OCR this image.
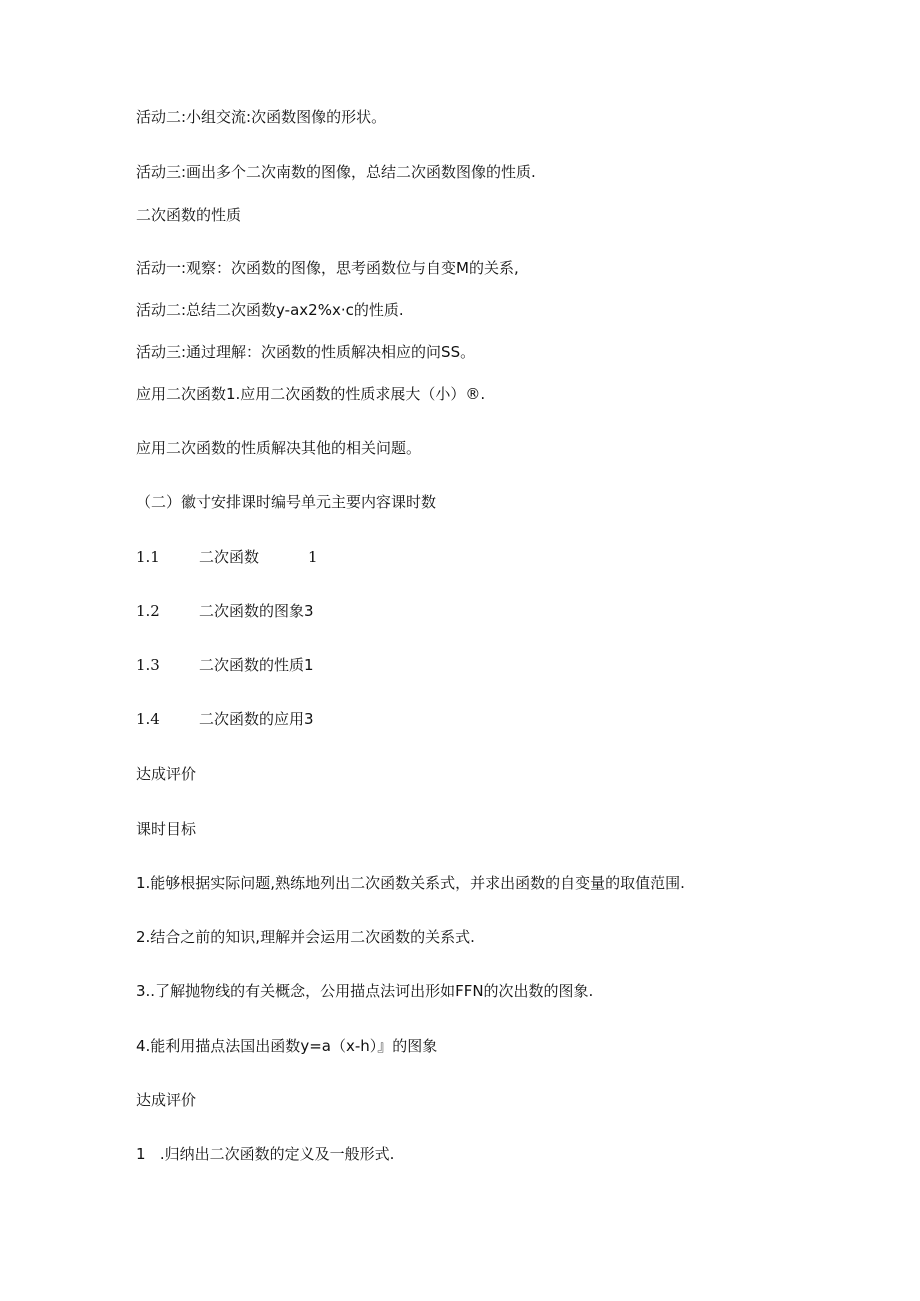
活动二:小组交流:次函数图像的形状。
活动三:画出多个二次南数的图像，总结二次函数图像的性质.
二次函数的性质
活动一:观察：次函数的图像，思考函数位与自变M的关系,
活动二:总结二次函数y-ax2%x·c的性质.
活动三:通过理解：次函数的性质解决相应的问SS。
应用二次函数1.应用二次函数的性质求展大（小）®.
应用二次函数的性质解决其他的相关问题。
（二）徽寸安排课时编号单元主要内容课时数
1.1	二次函数	1
1.2	二次函数的图象3
1.3	二次函数的性质1
1.4	二次函数的应用3
达成评价
课时目标
1.能够根据实际问题,熟练地列出二次函数关系式，并求出函数的自变量的取值范围.
2.结合之前的知识,理解并会运用二次函数的关系式.
3..了解抛物线的有关概念，公用描点法诃出形如FFN的次出数的图象.
4.能利用描点法国出函数y=a（x-h）』的图象
达成评价
1   .归纳出二次函数的定义及一般形式.
